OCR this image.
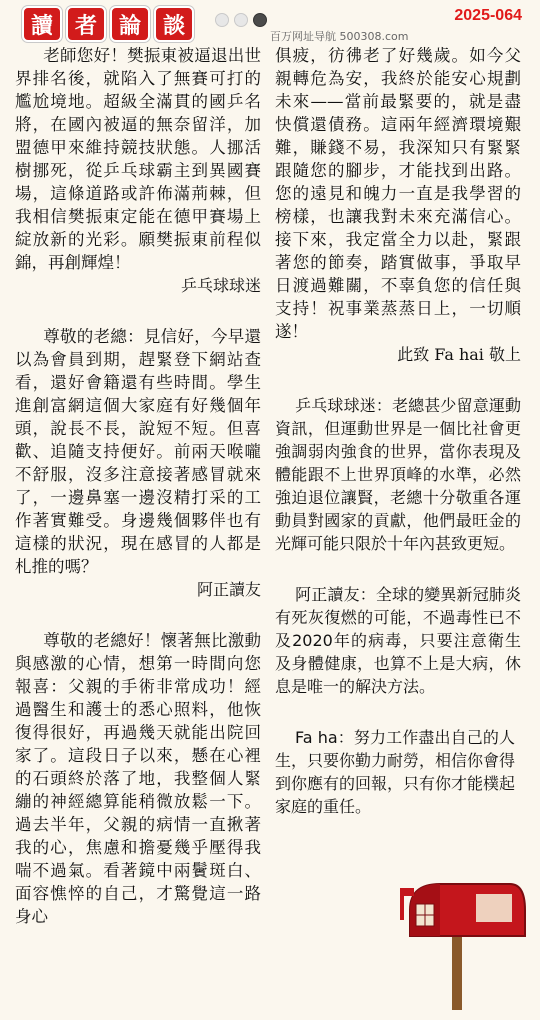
讀 者 論 談	2025-064
百万网址导航 500308.com

老師您好！樊振東被逼退出世界排名後，就陷入了無賽可打的尷尬境地。超級全滿貫的國乒名將，在國內被逼的無奈留洋，加盟德甲來維持競技狀態。人挪活樹挪死，從乒乓球霸主到異國賽場，這條道路或許佈滿荊棘，但我相信樊振東定能在德甲賽場上綻放新的光彩。願樊振東前程似錦，再創輝煌！

乒乓球球迷

尊敬的老總：見信好，今早還以為會員到期，趕緊登下網站查看，還好會籍還有些時間。學生進創富網這個大家庭有好幾個年頭，說長不長，說短不短。但喜歡、追隨支持便好。前兩天喉嚨不舒服，沒多注意接著感冒就來了，一邊鼻塞一邊沒精打采的工作著實難受。身邊幾個夥伴也有這樣的狀況，現在感冒的人都是札推的嗎？

阿正讀友

尊敬的老總好！懷著無比激動與感激的心情，想第一時間向您報喜：父親的手術非常成功！經過醫生和護士的悉心照料，他恢復得很好，再過幾天就能出院回家了。這段日子以來，懸在心裡的石頭終於落了地，我整個人緊繃的神經總算能稍微放鬆一下。過去半年，父親的病情一直揪著我的心，焦慮和擔憂幾乎壓得我喘不過氣。看著鏡中兩鬢斑白、面容憔悴的自己，才驚覺這一路身心

俱疲，彷彿老了好幾歲。如今父親轉危為安，我終於能安心規劃未來——當前最緊要的，就是盡快償還債務。這兩年經濟環境艱難，賺錢不易，我深知只有緊緊跟隨您的腳步，才能找到出路。您的遠見和魄力一直是我學習的榜樣，也讓我對未來充滿信心。接下來，我定當全力以赴，緊跟著您的節奏，踏實做事，爭取早日渡過難關，不辜負您的信任與支持！祝事業蒸蒸日上，一切順遂！

此致 Fa hai 敬上

乒乓球球迷：老總甚少留意運動資訊，但運動世界是一個比社會更強調弱肉強食的世界，當你表現及體能跟不上世界頂峰的水準，必然強迫退位讓賢，老總十分敬重各運動員對國家的貢獻，他們最旺金的光輝可能只限於十年內甚致更短。

阿正讀友：全球的變異新冠肺炎有死灰復燃的可能，不過毒性已不及2020年的病毒，只要注意衛生及身體健康，也算不上是大病，休息是唯一的解決方法。

Fa ha：努力工作盡出自己的人生，只要你勤力耐勞，相信你會得到你應有的回報，只有你才能樸起家庭的重任。
